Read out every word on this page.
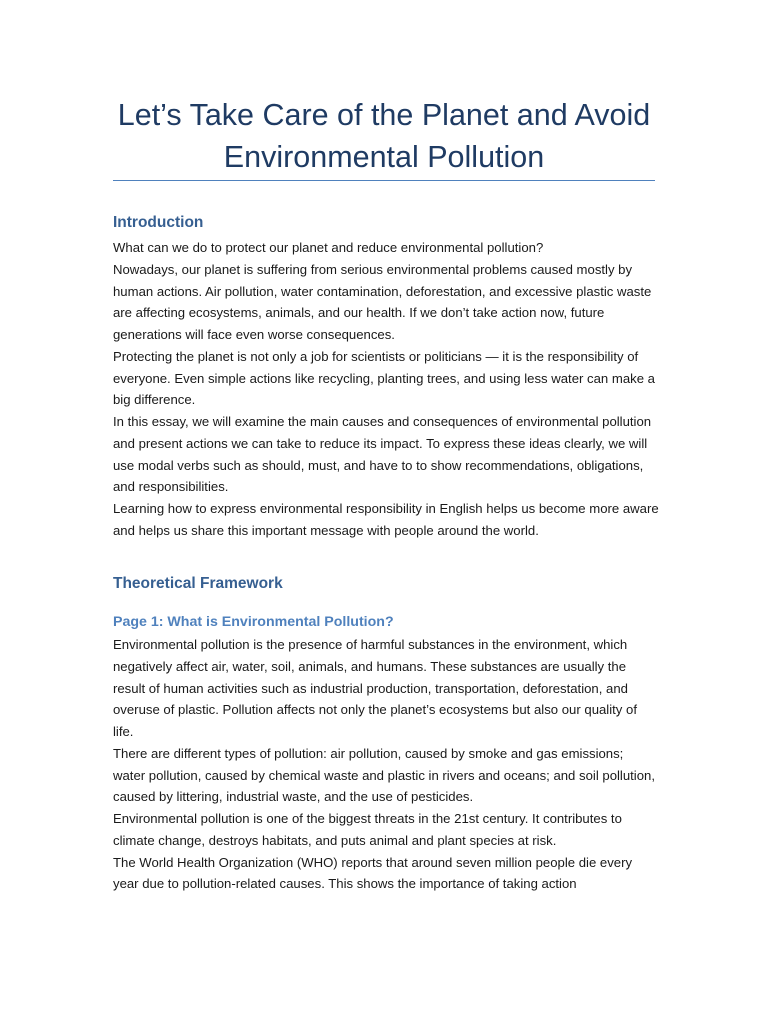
Let’s Take Care of the Planet and Avoid
Environmental Pollution
Introduction

What can we do to protect our planet and reduce environmental pollution?

Nowadays, our planet is suffering from serious environmental problems caused mostly by human actions. Air pollution, water contamination, deforestation, and excessive plastic waste are affecting ecosystems, animals, and our health. If we don’t take action now, future generations will face even worse consequences.

Protecting the planet is not only a job for scientists or politicians — it is the responsibility of everyone. Even simple actions like recycling, planting trees, and using less water can make a big difference.

In this essay, we will examine the main causes and consequences of environmental pollution and present actions we can take to reduce its impact. To express these ideas clearly, we will use modal verbs such as should, must, and have to to show recommendations, obligations, and responsibilities.

Learning how to express environmental responsibility in English helps us become more aware and helps us share this important message with people around the world.

Theoretical Framework
Page 1: What is Environmental Pollution?

Environmental pollution is the presence of harmful substances in the environment, which negatively affect air, water, soil, animals, and humans. These substances are usually the result of human activities such as industrial production, transportation, deforestation, and overuse of plastic. Pollution affects not only the planet’s ecosystems but also our quality of life.

There are different types of pollution: air pollution, caused by smoke and gas emissions; water pollution, caused by chemical waste and plastic in rivers and oceans; and soil pollution, caused by littering, industrial waste, and the use of pesticides.

Environmental pollution is one of the biggest threats in the 21st century. It contributes to climate change, destroys habitats, and puts animal and plant species at risk.

The World Health Organization (WHO) reports that around seven million people die every year due to pollution-related causes. This shows the importance of taking action
